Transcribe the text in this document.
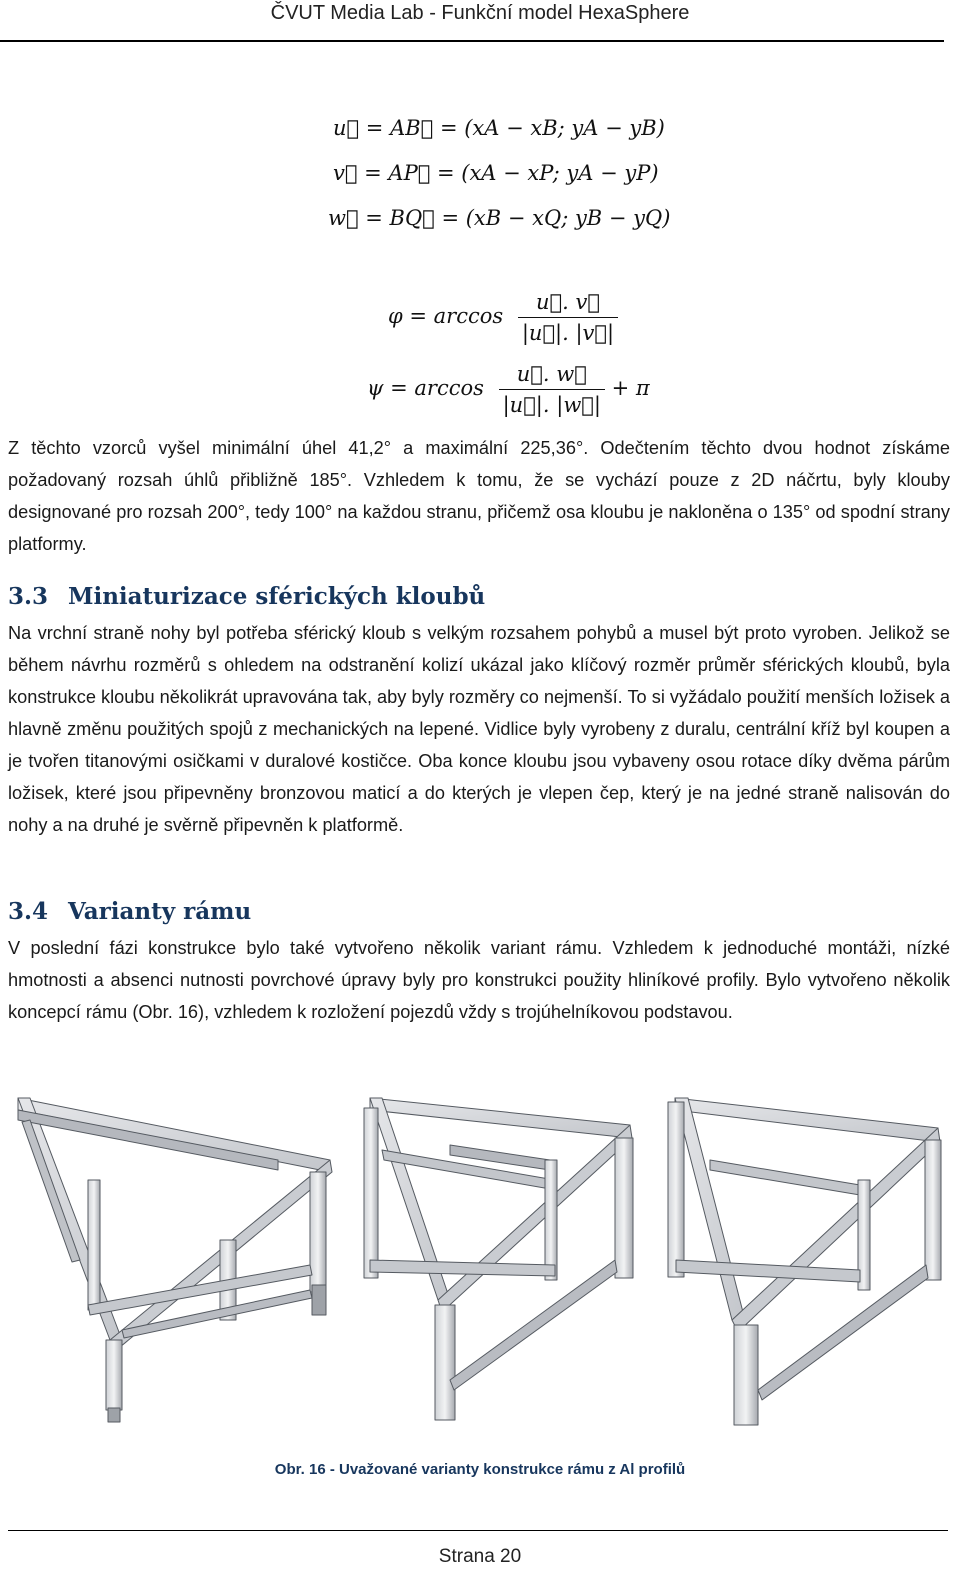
ČVUT Media Lab - Funkční model HexaSphere
u⃗ = AB⃗ = (xA − xB; yA − yB)
v⃗ = AP⃗ = (xA − xP; yA − yP)
w⃗ = BQ⃗ = (xB − xQ; yB − yQ)
$\varphi = \arccos \frac{u⃗. v⃗}{|u⃗|. |v⃗|}$
$\psi = \arccos \frac{u⃗. w⃗}{|u⃗|. |w⃗|} + \pi$
Z těchto vzorců vyšel minimální úhel 41,2° a maximální 225,36°. Odečtením těchto dvou hodnot získáme požadovaný rozsah úhlů přibližně 185°. Vzhledem k tomu, že se vychází pouze z 2D náčrtu, byly klouby designované pro rozsah 200°, tedy 100° na každou stranu, přičemž osa kloubu je nakloněna o 135° od spodní strany platformy.
3.3 Miniaturizace sférických kloubů
Na vrchní straně nohy byl potřeba sférický kloub s velkým rozsahem pohybů a musel být proto vyroben. Jelikož se během návrhu rozměrů s ohledem na odstranění kolizí ukázal jako klíčový rozměr průměr sférických kloubů, byla konstrukce kloubu několikrát upravována tak, aby byly rozměry co nejmenší. To si vyžádalo použití menších ložisek a hlavně změnu použitých spojů z mechanických na lepené. Vidlice byly vyrobeny z duralu, centrální kříž byl koupen a je tvořen titanovými osičkami v duralové kostičce. Oba konce kloubu jsou vybaveny osou rotace díky dvěma párům ložisek, které jsou připevněny bronzovou maticí a do kterých je vlepen čep, který je na jedné straně nalisován do nohy a na druhé je svěrně připevněn k platformě.
3.4 Varianty rámu
V poslední fázi konstrukce bylo také vytvořeno několik variant rámu. Vzhledem k jednoduché montáži, nízké hmotnosti a absenci nutnosti povrchové úpravy byly pro konstrukci použity hliníkové profily. Bylo vytvořeno několik koncepcí rámu (Obr. 16), vzhledem k rozložení pojezdů vždy s trojúhelníkovou podstavou.
Obr. 16 - Uvažované varianty konstrukce rámu z Al profilů
Strana 20
